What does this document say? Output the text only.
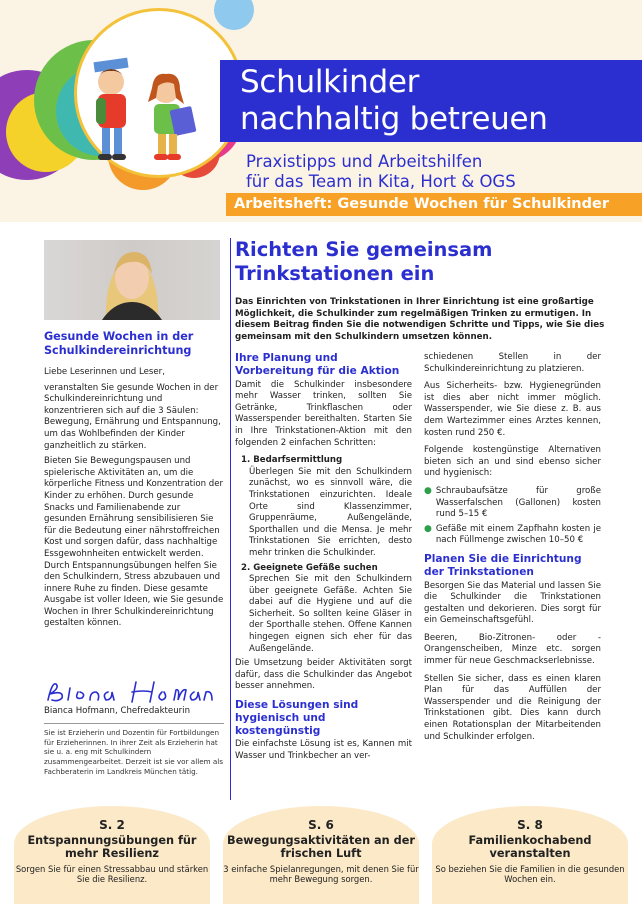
Schulkinder
nachhaltig betreuen
Praxistipps und Arbeitshilfen
für das Team in Kita, Hort & OGS
Arbeitsheft: Gesunde Wochen für Schulkinder
Gesunde Wochen in der Schulkindereinrichtung

Liebe Leserinnen und Leser,

veranstalten Sie gesunde Wochen in der Schulkindereinrichtung und konzentrieren sich auf die 3 Säulen: Bewegung, Ernährung und Entspannung, um das Wohlbefinden der Kinder ganzheitlich zu stärken.

Bieten Sie Bewegungspausen und spielerische Aktivitäten an, um die körperliche Fitness und Konzentration der Kinder zu erhöhen. Durch gesunde Snacks und Familienabende zur gesunden Ernährung sensibilisieren Sie für die Bedeutung einer nährstoffreichen Kost und sorgen dafür, dass nachhaltige Essgewohnheiten entwickelt werden. Durch Entspannungsübungen helfen Sie den Schulkindern, Stress abzubauen und innere Ruhe zu finden. Diese gesamte Ausgabe ist voller Ideen, wie Sie gesunde Wochen in Ihrer Schulkindereinrichtung gestalten können.

Bianca Hofmann, Chefredakteurin
Sie ist Erzieherin und Dozentin für Fortbildungen für Erzieherinnen. In ihrer Zeit als Erzieherin hat sie u. a. eng mit Schulkindern zusammengearbeitet. Derzeit ist sie vor allem als Fachberaterin im Landkreis München tätig.
Richten Sie gemeinsam
Trinkstationen ein
Das Einrichten von Trinkstationen in Ihrer Einrichtung ist eine großartige Möglichkeit, die Schulkinder zum regelmäßigen Trinken zu ermutigen. In diesem Beitrag finden Sie die notwendigen Schritte und Tipps, wie Sie dies gemeinsam mit den Schulkindern umsetzen können.
Ihre Planung und Vorbereitung für die Aktion

Damit die Schulkinder insbesondere mehr Wasser trinken, sollten Sie Getränke, Trinkflaschen oder Wasserspender bereithalten. Starten Sie in Ihre Trinkstationen-Aktion mit den folgenden 2 einfachen Schritten:

1. Bedarfsermittlung
Überlegen Sie mit den Schulkindern zunächst, wo es sinnvoll wäre, die Trinkstationen einzurichten. Ideale Orte sind Klassenzimmer, Gruppenräume, Außengelände, Sporthallen und die Mensa. Je mehr Trinkstationen Sie errichten, desto mehr trinken die Schulkinder.
2. Geeignete Gefäße suchen
Sprechen Sie mit den Schulkindern über geeignete Gefäße. Achten Sie dabei auf die Hygiene und auf die Sicherheit. So sollten keine Gläser in der Sporthalle stehen. Offene Kannen hingegen eignen sich eher für das Außengelände.

Die Umsetzung beider Aktivitäten sorgt dafür, dass die Schulkinder das Angebot besser annehmen.

Diese Lösungen sind hygienisch und kostengünstig

Die einfachste Lösung ist es, Kannen mit Wasser und Trinkbecher an ver-

schiedenen Stellen in der Schulkindereinrichtung zu platzieren.

Aus Sicherheits- bzw. Hygienegründen ist dies aber nicht immer möglich. Wasserspender, wie Sie diese z. B. aus dem Wartezimmer eines Arztes kennen, kosten rund 250 €.

Folgende kostengünstige Alternativen bieten sich an und sind ebenso sicher und hygienisch:

● Schraubaufsätze für große Wasserfalschen (Gallonen) kosten rund 5–15 €
● Gefäße mit einem Zapfhahn kosten je nach Füllmenge zwischen 10–50 €
Planen Sie die Einrichtung der Trinkstationen

Besorgen Sie das Material und lassen Sie die Schulkinder die Trinkstationen gestalten und dekorieren. Dies sorgt für ein Gemeinschaftsgefühl.

Beeren, Bio-Zitronen- oder -Orangenscheiben, Minze etc. sorgen immer für neue Geschmackserlebnisse.

Stellen Sie sicher, dass es einen klaren Plan für das Auffüllen der Wasserspender und die Reinigung der Trinkstationen gibt. Dies kann durch einen Rotationsplan der Mitarbeitenden und Schulkinder erfolgen.

S. 2
Entspannungsübungen für mehr Resilienz
Sorgen Sie für einen Stressabbau und stärken Sie die Resilienz.
S. 6
Bewegungsaktivitäten an der frischen Luft
3 einfache Spielanregungen, mit denen Sie für mehr Bewegung sorgen.
S. 8
Familienkochabend veranstalten
So beziehen Sie die Familien in die gesunden Wochen ein.
